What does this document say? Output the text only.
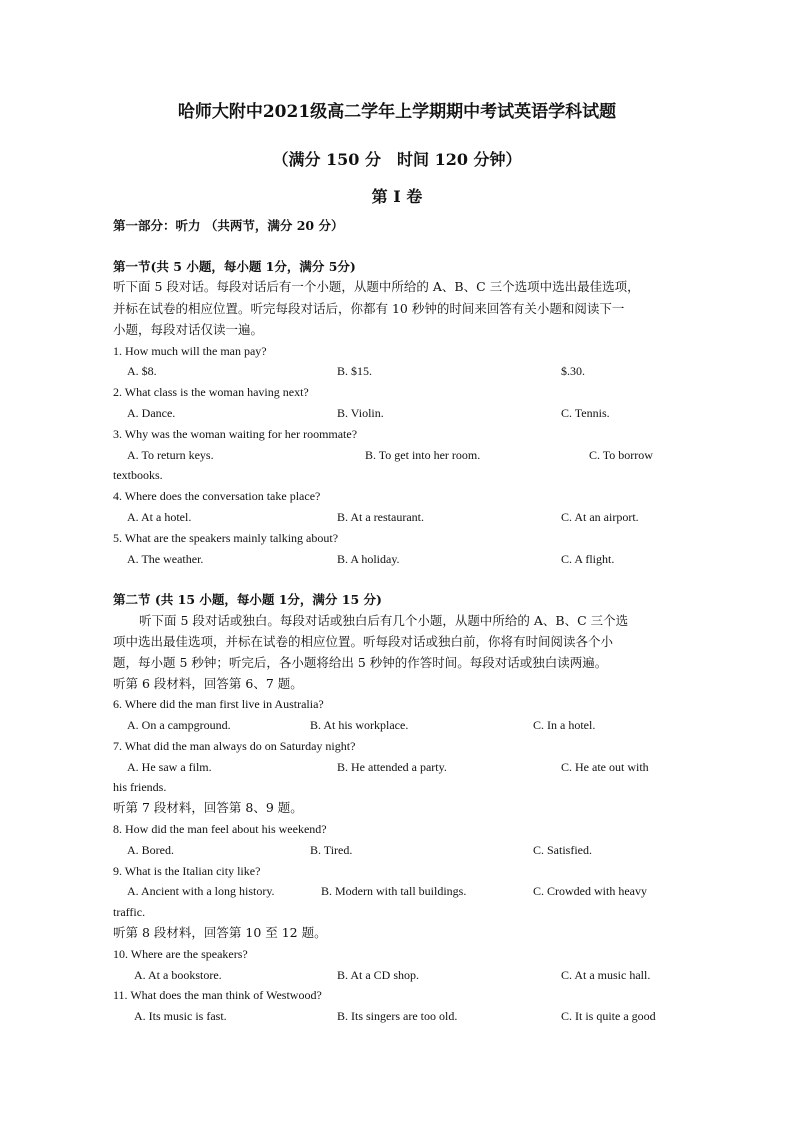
哈师大附中2021级高二学年上学期期中考试英语学科试题
（满分 150 分　时间 120 分钟）
第 I 卷
第一部分：听力 （共两节，满分 20 分）
第一节(共 5 小题，每小题 1分，满分 5分)
听下面 5 段对话。每段对话后有一个小题，从题中所给的 A、B、C 三个选项中选出最佳选项，
并标在试卷的相应位置。听完每段对话后，你都有 10 秒钟的时间来回答有关小题和阅读下一
小题，每段对话仅读一遍。
1. How much will the man pay?
A. $8.	B. $15.	$.30.
2. What class is the woman having next?
A. Dance.	B. Violin.	C. Tennis.
3. Why was the woman waiting for her roommate?
A. To return keys.	B. To get into her room.	C. To borrow
textbooks.
4. Where does the conversation take place?
A. At a hotel.	B. At a restaurant.	C. At an airport.
5. What are the speakers mainly talking about?
A. The weather.	B. A holiday.	C. A flight.
第二节 (共 15 小题，每小题 1分，满分 15 分)
听下面 5 段对话或独白。每段对话或独白后有几个小题，从题中所给的 A、B、C 三个选
项中选出最佳选项，并标在试卷的相应位置。听每段对话或独白前，你将有时间阅读各个小
题，每小题 5 秒钟；听完后，各小题将给出 5 秒钟的作答时间。每段对话或独白读两遍。
听第 6 段材料，回答第 6、7 题。
6. Where did the man first live in Australia?
A. On a campground.	B. At his workplace.	C. In a hotel.
7. What did the man always do on Saturday night?
A. He saw a film.	B. He attended a party.	C. He ate out with
his friends.
听第 7 段材料，回答第 8、9 题。
8. How did the man feel about his weekend?
A. Bored.	B. Tired.	C. Satisfied.
9. What is the Italian city like?
A. Ancient with a long history.	B. Modern with tall buildings.	C. Crowded with heavy
traffic.
听第 8 段材料，回答第 10 至 12 题。
10. Where are the speakers?
A. At a bookstore.	B. At a CD shop.	C. At a music hall.
11. What does the man think of Westwood?
A. Its music is fast.	B. Its singers are too old.	C. It is quite a good
